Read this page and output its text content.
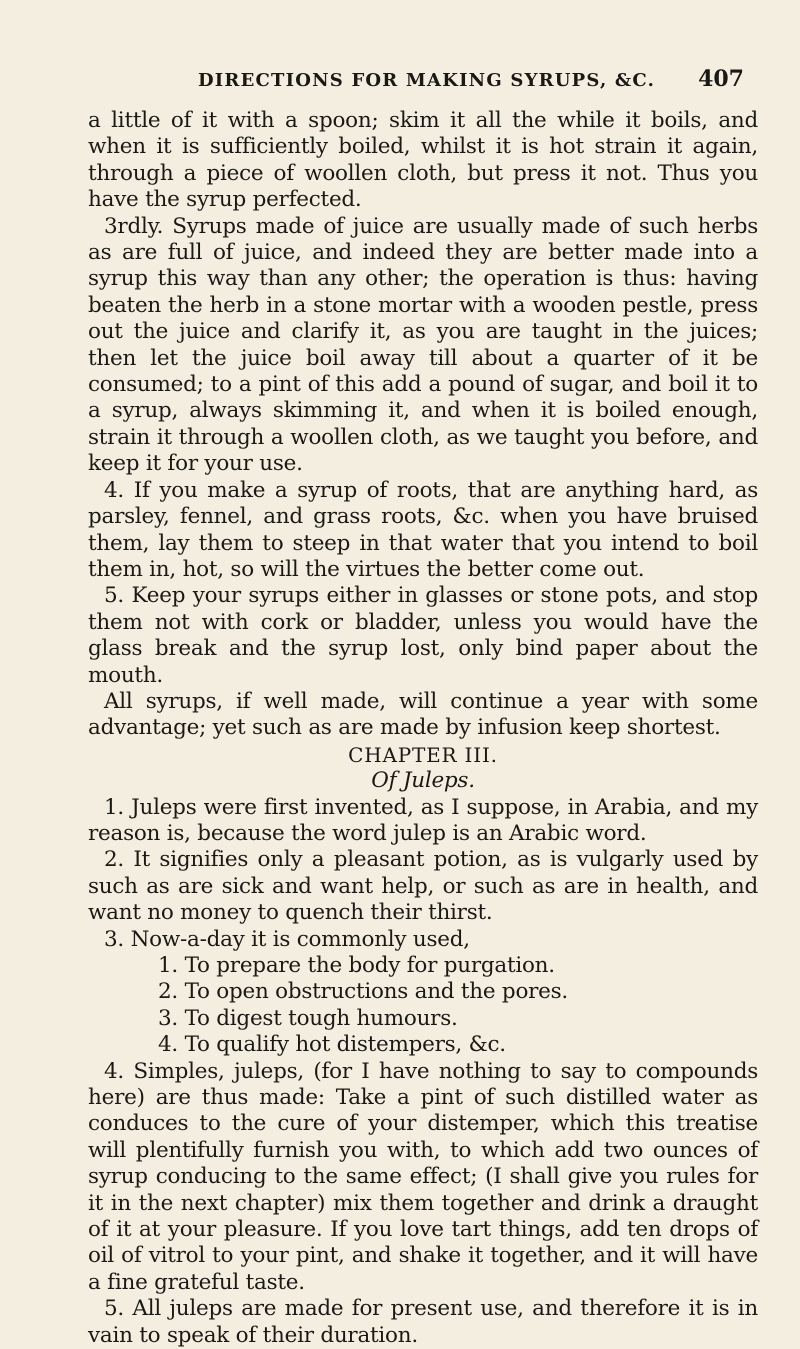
DIRECTIONS FOR MAKING SYRUPS, &C. 407

a little of it with a spoon; skim it all the while it boils, and when it is sufficiently boiled, whilst it is hot strain it again, through a piece of woollen cloth, but press it not. Thus you have the syrup perfected.

3rdly. Syrups made of juice are usually made of such herbs as are full of juice, and indeed they are better made into a syrup this way than any other; the operation is thus: having beaten the herb in a stone mortar with a wooden pestle, press out the juice and clarify it, as you are taught in the juices; then let the juice boil away till about a quarter of it be consumed; to a pint of this add a pound of sugar, and boil it to a syrup, always skimming it, and when it is boiled enough, strain it through a woollen cloth, as we taught you before, and keep it for your use.

4. If you make a syrup of roots, that are anything hard, as parsley, fennel, and grass roots, &c. when you have bruised them, lay them to steep in that water that you intend to boil them in, hot, so will the virtues the better come out.

5. Keep your syrups either in glasses or stone pots, and stop them not with cork or bladder, unless you would have the glass break and the syrup lost, only bind paper about the mouth.

All syrups, if well made, will continue a year with some advantage; yet such as are made by infusion keep shortest.

CHAPTER III.

Of Juleps.

1. Juleps were first invented, as I suppose, in Arabia, and my reason is, because the word julep is an Arabic word.

2. It signifies only a pleasant potion, as is vulgarly used by such as are sick and want help, or such as are in health, and want no money to quench their thirst.

3. Now-a-day it is commonly used,

1. To prepare the body for purgation.

2. To open obstructions and the pores.

3. To digest tough humours.

4. To qualify hot distempers, &c.

4. Simples, juleps, (for I have nothing to say to compounds here) are thus made: Take a pint of such distilled water as conduces to the cure of your distemper, which this treatise will plentifully furnish you with, to which add two ounces of syrup conducing to the same effect; (I shall give you rules for it in the next chapter) mix them together and drink a draught of it at your pleasure. If you love tart things, add ten drops of oil of vitrol to your pint, and shake it together, and it will have a fine grateful taste.

5. All juleps are made for present use, and therefore it is in vain to speak of their duration.
